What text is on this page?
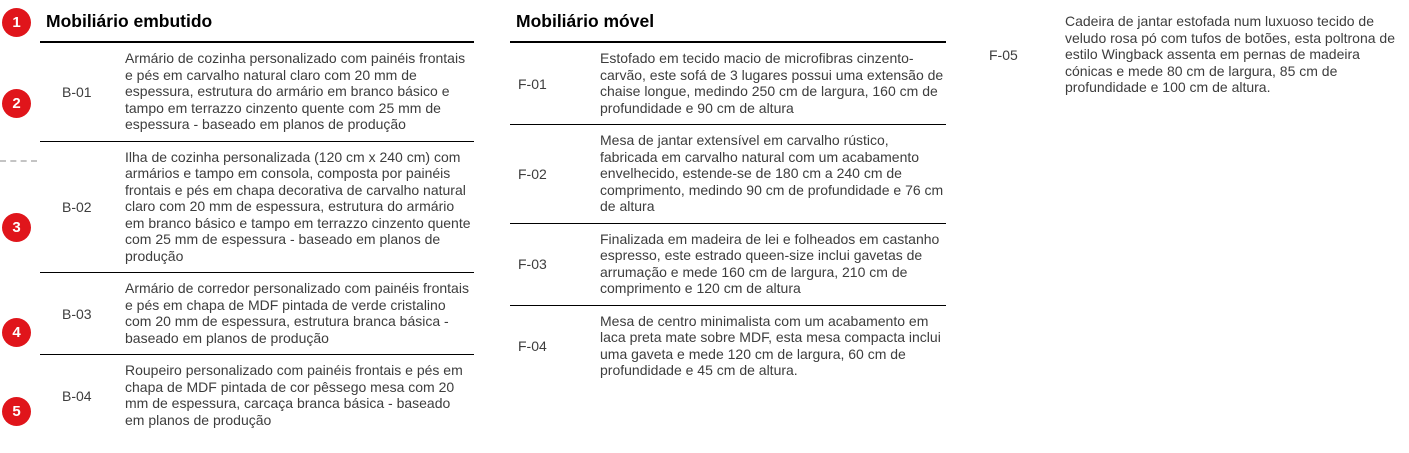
1
2
3
4
5
Mobiliário embutido
B-01
Armário de cozinha personalizado com painéis frontais e pés em carvalho natural claro com 20 mm de espessura, estrutura do armário em branco básico e tampo em terrazzo cinzento quente com 25 mm de espessura - baseado em planos de produção
B-02
Ilha de cozinha personalizada (120 cm x 240 cm) com armários e tampo em consola, composta por painéis frontais e pés em chapa decorativa de carvalho natural claro com 20 mm de espessura, estrutura do armário em branco básico e tampo em terrazzo cinzento quente com 25 mm de espessura - baseado em planos de produção
B-03
Armário de corredor personalizado com painéis frontais e pés em chapa de MDF pintada de verde cristalino com 20 mm de espessura, estrutura branca básica - baseado em planos de produção
B-04
Roupeiro personalizado com painéis frontais e pés em chapa de MDF pintada de cor pêssego mesa com 20 mm de espessura, carcaça branca básica - baseado em planos de produção
Mobiliário móvel
F-01
Estofado em tecido macio de microfibras cinzento-carvão, este sofá de 3 lugares possui uma extensão de chaise longue, medindo 250 cm de largura, 160 cm de profundidade e 90 cm de altura
F-02
Mesa de jantar extensível em carvalho rústico, fabricada em carvalho natural com um acabamento envelhecido, estende-se de 180 cm a 240 cm de comprimento, medindo 90 cm de profundidade e 76 cm de altura
F-03
Finalizada em madeira de lei e folheados em castanho espresso, este estrado queen-size inclui gavetas de arrumação e mede 160 cm de largura, 210 cm de comprimento e 120 cm de altura
F-04
Mesa de centro minimalista com um acabamento em laca preta mate sobre MDF, esta mesa compacta inclui uma gaveta e mede 120 cm de largura, 60 cm de profundidade e 45 cm de altura.
F-05
Cadeira de jantar estofada num luxuoso tecido de veludo rosa pó com tufos de botões, esta poltrona de estilo Wingback assenta em pernas de madeira cónicas e mede 80 cm de largura, 85 cm de profundidade e 100 cm de altura.
